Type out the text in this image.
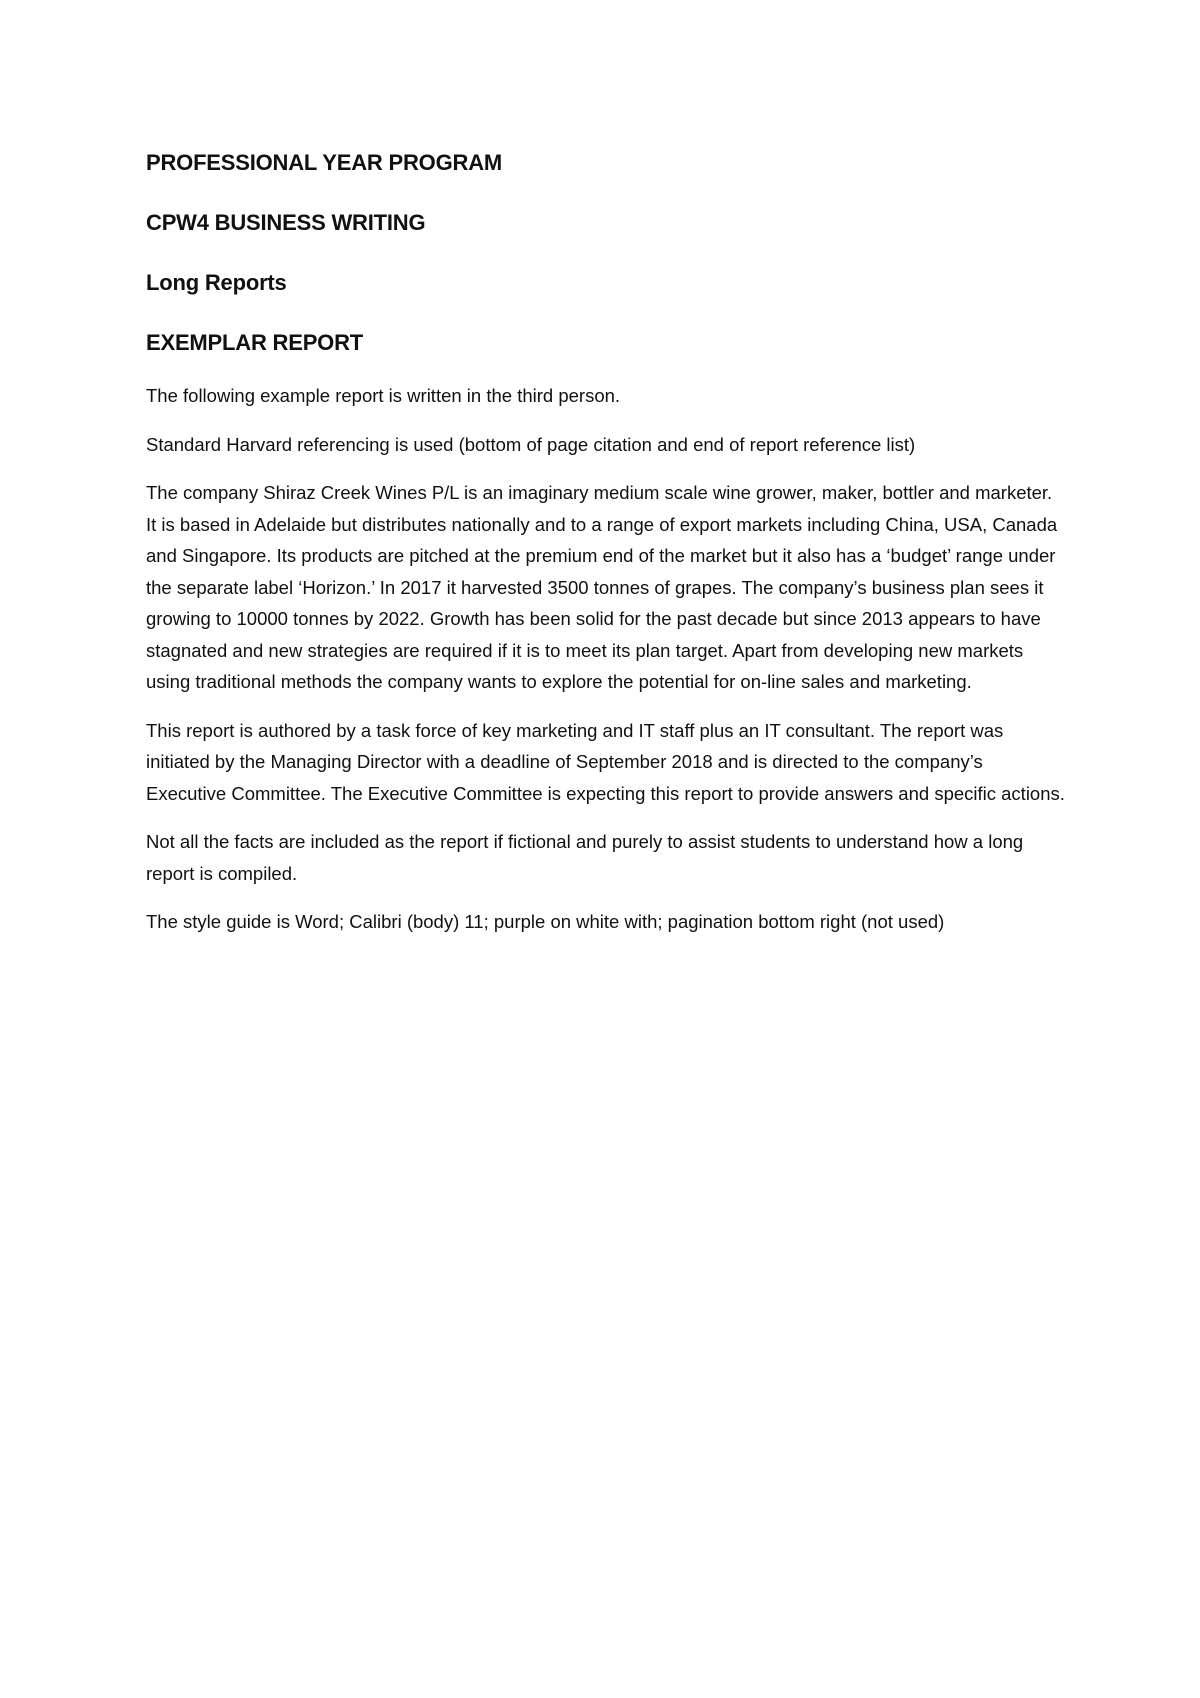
PROFESSIONAL YEAR PROGRAM
CPW4 BUSINESS WRITING
Long Reports
EXEMPLAR REPORT

The following example report is written in the third person.

Standard Harvard referencing is used (bottom of page citation and end of report reference list)

The company Shiraz Creek Wines P/L is an imaginary medium scale wine grower, maker, bottler and marketer. It is based in Adelaide but distributes nationally and to a range of export markets including China, USA, Canada and Singapore. Its products are pitched at the premium end of the market but it also has a ‘budget’ range under the separate label ‘Horizon.’ In 2017 it harvested 3500 tonnes of grapes. The company’s business plan sees it growing to 10000 tonnes by 2022. Growth has been solid for the past decade but since 2013 appears to have stagnated and new strategies are required if it is to meet its plan target. Apart from developing new markets using traditional methods the company wants to explore the potential for on-line sales and marketing.

This report is authored by a task force of key marketing and IT staff plus an IT consultant. The report was initiated by the Managing Director with a deadline of September 2018 and is directed to the company’s Executive Committee. The Executive Committee is expecting this report to provide answers and specific actions.

Not all the facts are included as the report if fictional and purely to assist students to understand how a long report is compiled.

The style guide is Word; Calibri (body) 11; purple on white with; pagination bottom right (not used)
